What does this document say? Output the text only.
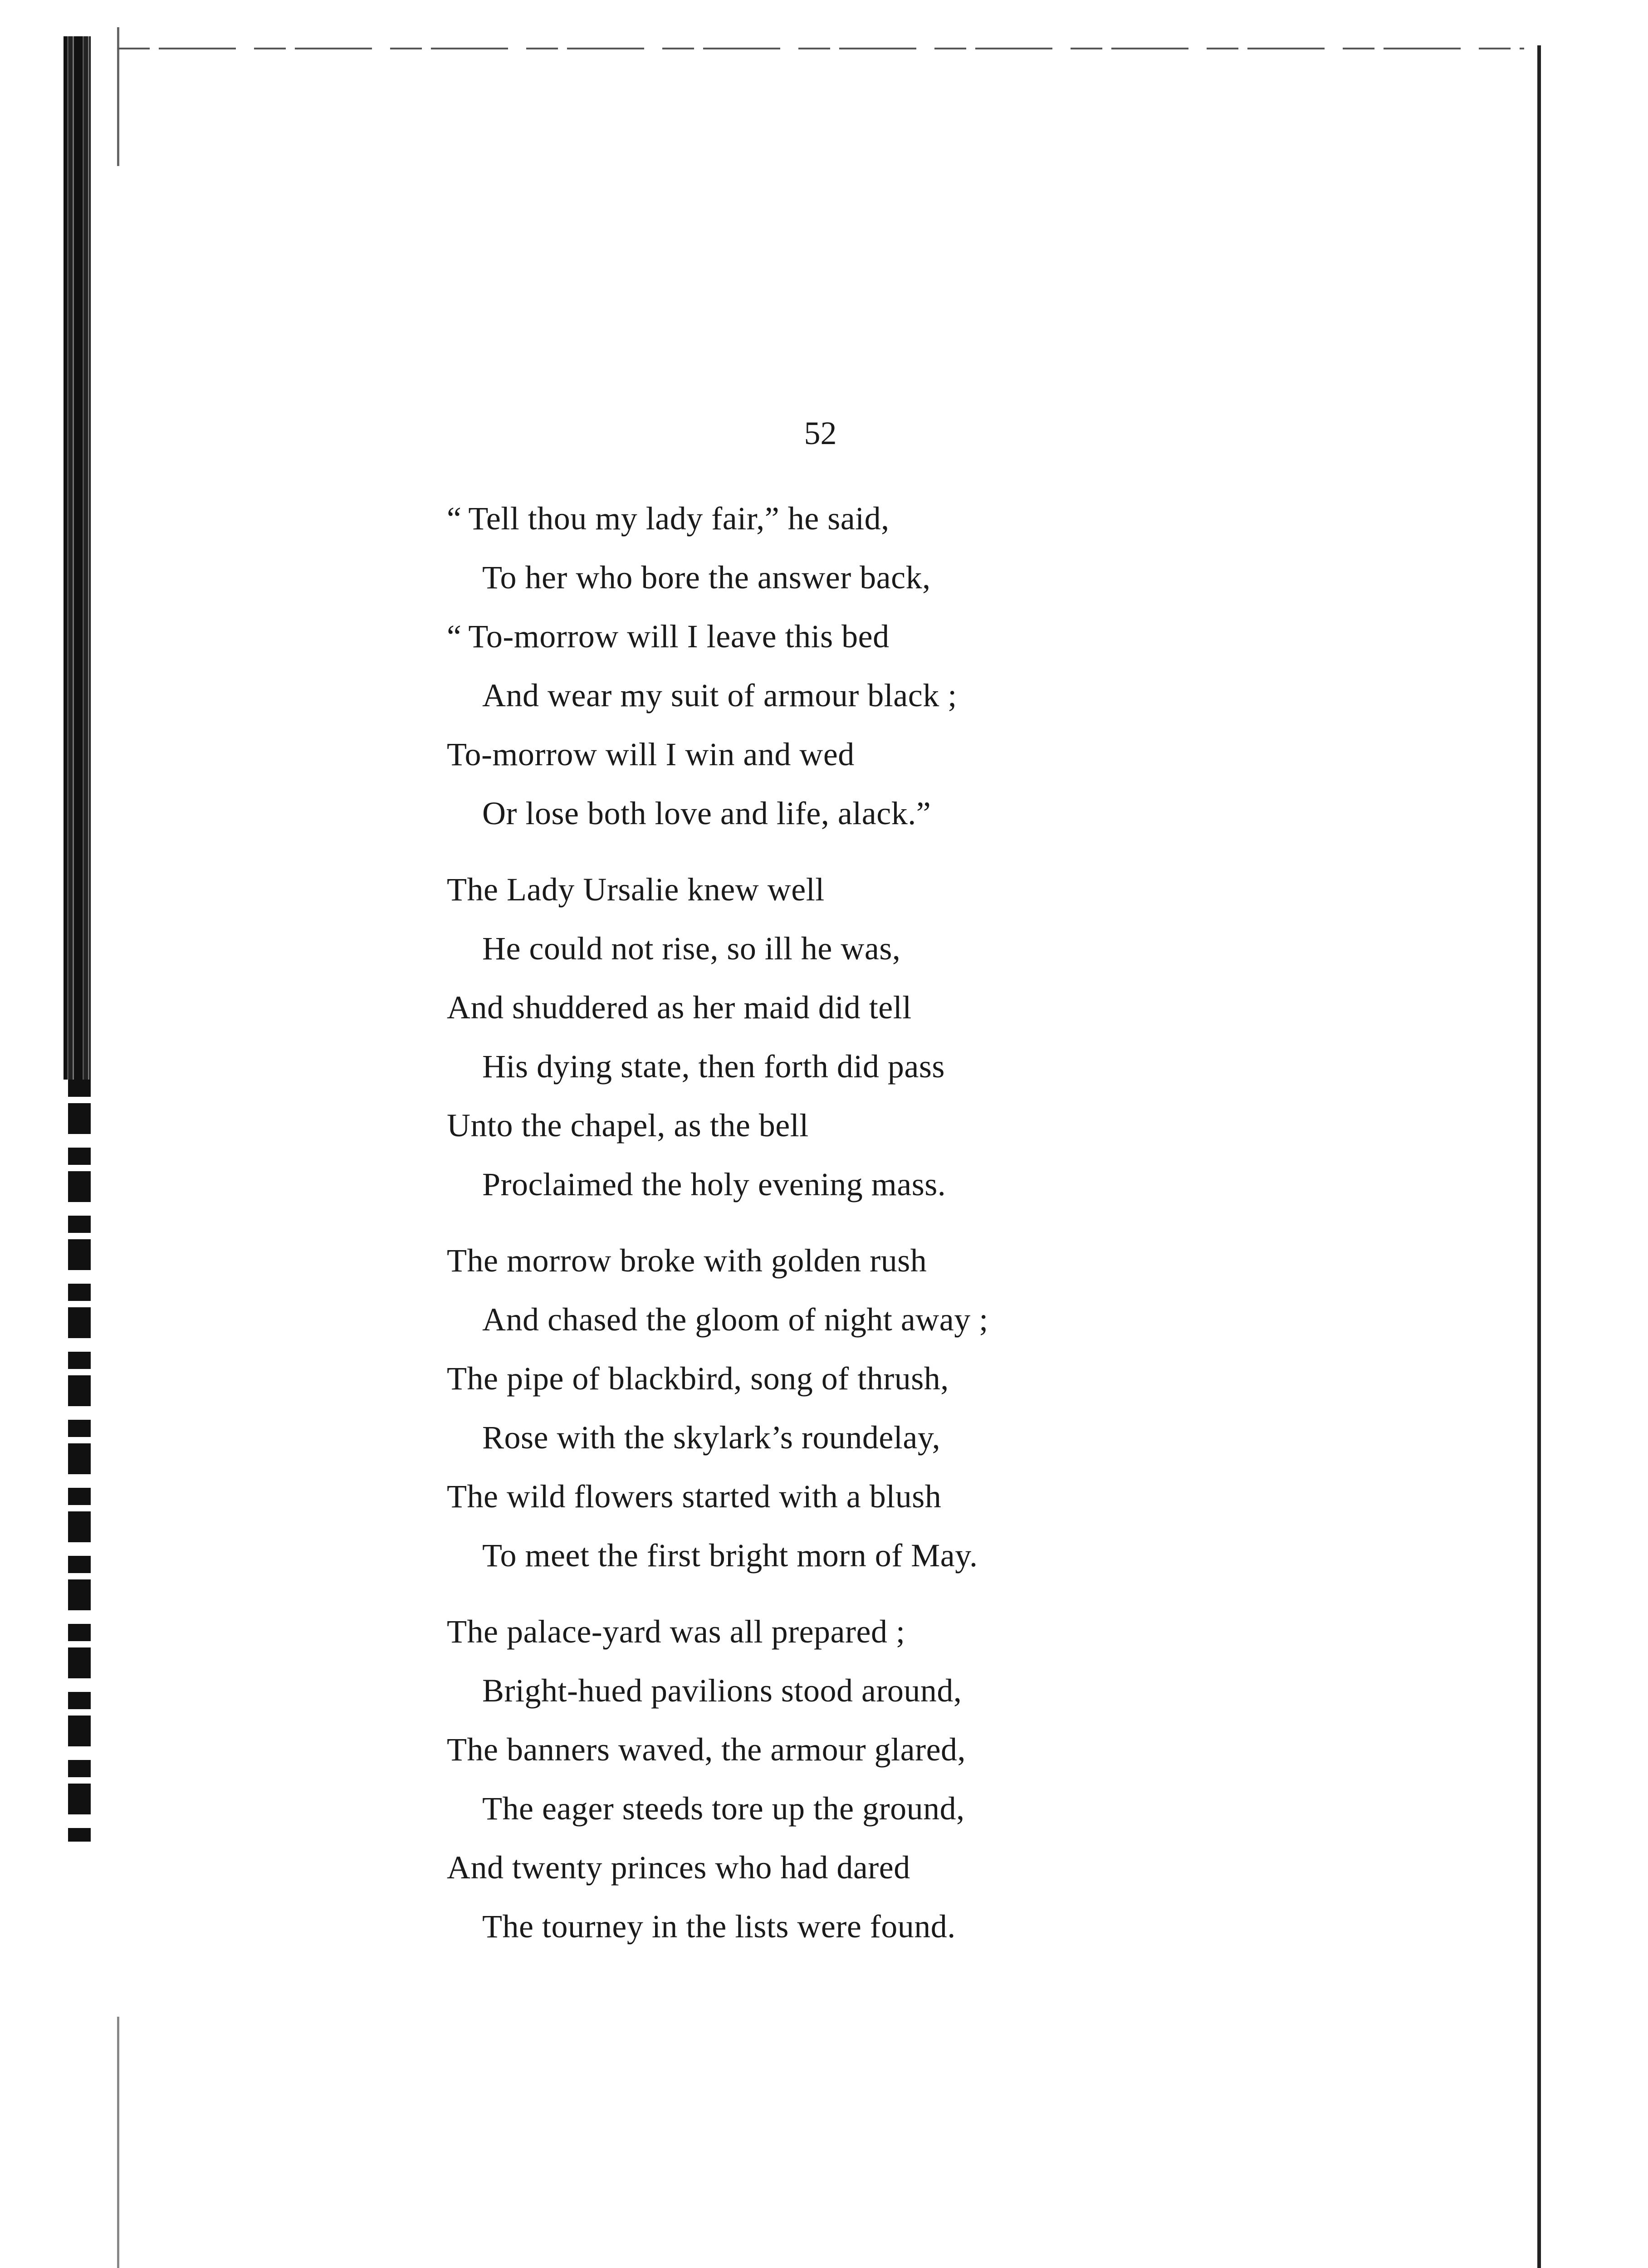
52
“ Tell thou my lady fair,” he said,
To her who bore the answer back,
“ To-morrow will I leave this bed
And wear my suit of armour black ;
To-morrow will I win and wed
Or lose both love and life, alack.”
The Lady Ursalie knew well
He could not rise, so ill he was,
And shuddered as her maid did tell
His dying state, then forth did pass
Unto the chapel, as the bell
Proclaimed the holy evening mass.
The morrow broke with golden rush
And chased the gloom of night away ;
The pipe of blackbird, song of thrush,
Rose with the skylark’s roundelay,
The wild flowers started with a blush
To meet the first bright morn of May.
The palace-yard was all prepared ;
Bright-hued pavilions stood around,
The banners waved, the armour glared,
The eager steeds tore up the ground,
And twenty princes who had dared
The tourney in the lists were found.
